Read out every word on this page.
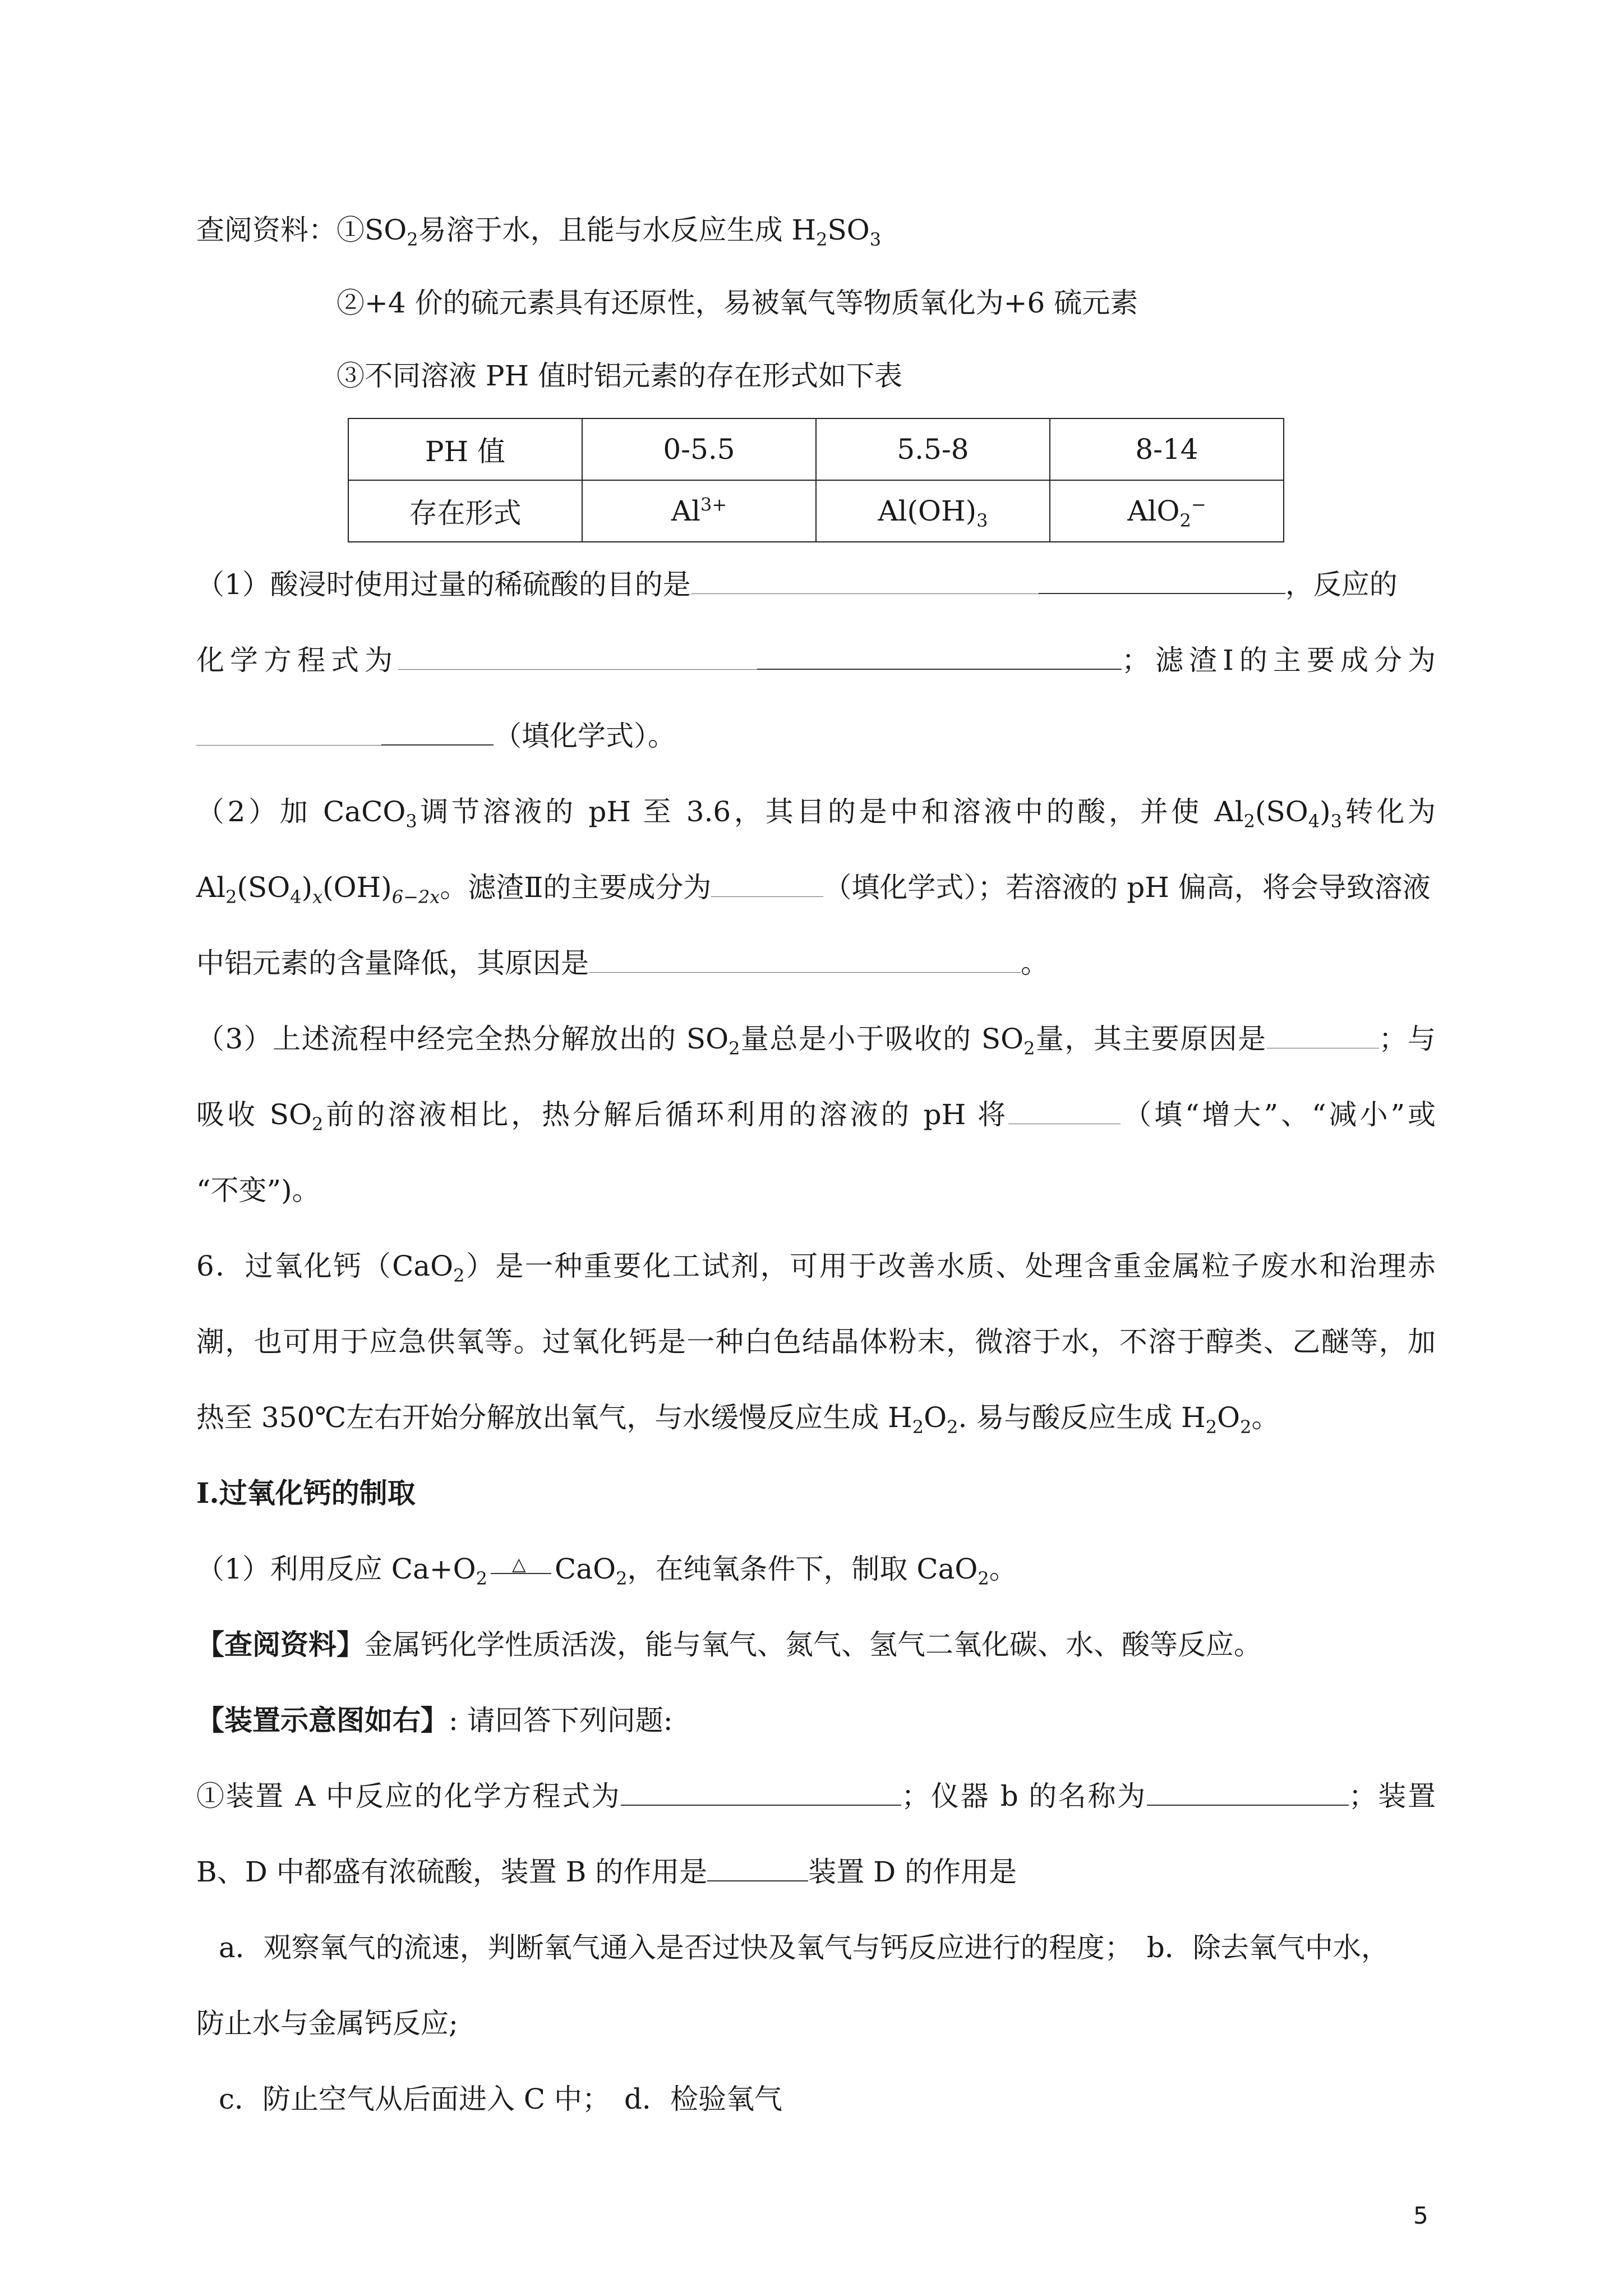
查阅资料：$①SO_2$易溶于水，且能与水反应生成 $H_2SO_3$
②+4 价的硫元素具有还原性，易被氧气等物质氧化为+6 硫元素
③不同溶液 PH 值时铝元素的存在形式如下表
PH 值	0-5.5	5.5-8	8-14
存在形式	$Al^{3+}$	$Al(OH)_3$	AlO$_2$−
（1）酸浸时使用过量的稀硫酸的目的是	，反应的
化学方程式为	；滤渣Ⅰ的主要成分为
（填化学式）。
（2）加 CaCO$_3$调节溶液的 pH 至 3.6，其目的是中和溶液中的酸，并使 $Al_2(SO_4)_3$转化为
$Al_2(SO_4)_x(OH)_{6-2x}$。滤渣Ⅱ的主要成分为	（填化学式）；若溶液的 pH 偏高，将会导致溶液
中铝元素的含量降低，其原因是	。
（3）上述流程中经完全热分解放出的 $SO_2$量总是小于吸收的 $SO_2$量，其主要原因是	；与
吸收 $SO_2$前的溶液相比，热分解后循环利用的溶液的 pH 将	（填“增大”、“减小”或
“不变”)。
6．过氧化钙（CaO$_2$）是一种重要化工试剂，可用于改善水质、处理含重金属粒子废水和治理赤
潮，也可用于应急供氧等。过氧化钙是一种白色结晶体粉末，微溶于水，不溶于醇类、乙醚等，加
热至 350℃左右开始分解放出氧气，与水缓慢反应生成 $H_2O_2$. 易与酸反应生成 $H_2O_2$。
I.过氧化钙的制取
（1）利用反应 $Ca+O_2$
△ CaO$_2$，在纯氧条件下，制取 CaO$_2$。
【查阅资料】金属钙化学性质活泼，能与氧气、氮气、氢气二氧化碳、水、酸等反应。
【装置示意图如右】: 请回答下列问题:
①装置 A 中反应的化学方程式为	；仪器 b 的名称为	；装置
B、D 中都盛有浓硫酸，装置 B 的作用是	装置 D 的作用是
a．观察氧气的流速，判断氧气通入是否过快及氧气与钙反应进行的程度；　b．除去氧气中水，
防止水与金属钙反应;
c．防止空气从后面进入 C 中；　d．检验氧气
5
